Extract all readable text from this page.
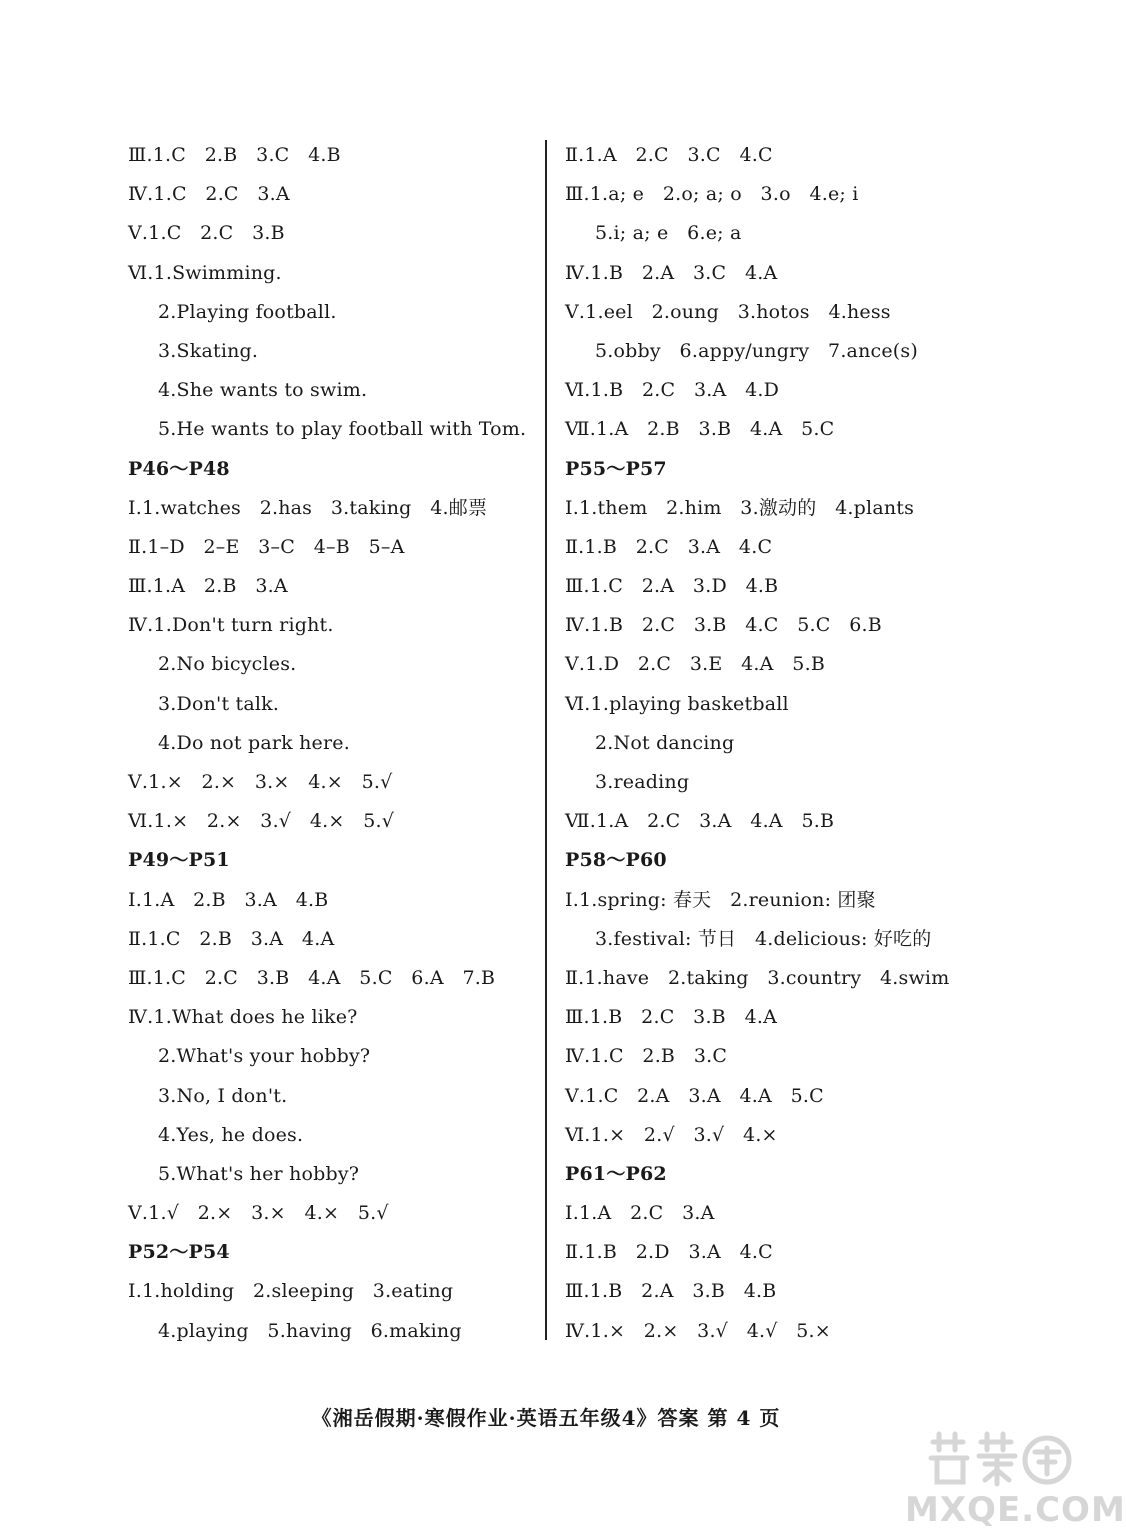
Ⅲ.1.C   2.B   3.C   4.B
Ⅳ.1.C   2.C   3.A
Ⅴ.1.C   2.C   3.B
Ⅵ.1.Swimming.
2.Playing football.
3.Skating.
4.She wants to swim.
5.He wants to play football with Tom.
P46～P48
Ⅰ.1.watches   2.has   3.taking   4.邮票
Ⅱ.1–D   2–E   3–C   4–B   5–A
Ⅲ.1.A   2.B   3.A
Ⅳ.1.Don't turn right.
2.No bicycles.
3.Don't talk.
4.Do not park here.
Ⅴ.1.×   2.×   3.×   4.×   5.√
Ⅵ.1.×   2.×   3.√   4.×   5.√
P49～P51
Ⅰ.1.A   2.B   3.A   4.B
Ⅱ.1.C   2.B   3.A   4.A
Ⅲ.1.C   2.C   3.B   4.A   5.C   6.A   7.B
Ⅳ.1.What does he like?
2.What's your hobby?
3.No, I don't.
4.Yes, he does.
5.What's her hobby?
Ⅴ.1.√   2.×   3.×   4.×   5.√
P52～P54
Ⅰ.1.holding   2.sleeping   3.eating
4.playing   5.having   6.making
Ⅱ.1.A   2.C   3.C   4.C
Ⅲ.1.a; e   2.o; a; o   3.o   4.e; i
5.i; a; e   6.e; a
Ⅳ.1.B   2.A   3.C   4.A
Ⅴ.1.eel   2.oung   3.hotos   4.hess
5.obby   6.appy/ungry   7.ance(s)
Ⅵ.1.B   2.C   3.A   4.D
Ⅶ.1.A   2.B   3.B   4.A   5.C
P55～P57
Ⅰ.1.them   2.him   3.激动的   4.plants
Ⅱ.1.B   2.C   3.A   4.C
Ⅲ.1.C   2.A   3.D   4.B
Ⅳ.1.B   2.C   3.B   4.C   5.C   6.B
Ⅴ.1.D   2.C   3.E   4.A   5.B
Ⅵ.1.playing basketball
2.Not dancing
3.reading
Ⅶ.1.A   2.C   3.A   4.A   5.B
P58～P60
Ⅰ.1.spring: 春天   2.reunion: 团聚
3.festival: 节日   4.delicious: 好吃的
Ⅱ.1.have   2.taking   3.country   4.swim
Ⅲ.1.B   2.C   3.B   4.A
Ⅳ.1.C   2.B   3.C
Ⅴ.1.C   2.A   3.A   4.A   5.C
Ⅵ.1.×   2.√   3.√   4.×
P61～P62
Ⅰ.1.A   2.C   3.A
Ⅱ.1.B   2.D   3.A   4.C
Ⅲ.1.B   2.A   3.B   4.B
Ⅳ.1.×   2.×   3.√   4.√   5.×
《湘岳假期·寒假作业·英语五年级4》答案 第 4 页
MXQE.COM
